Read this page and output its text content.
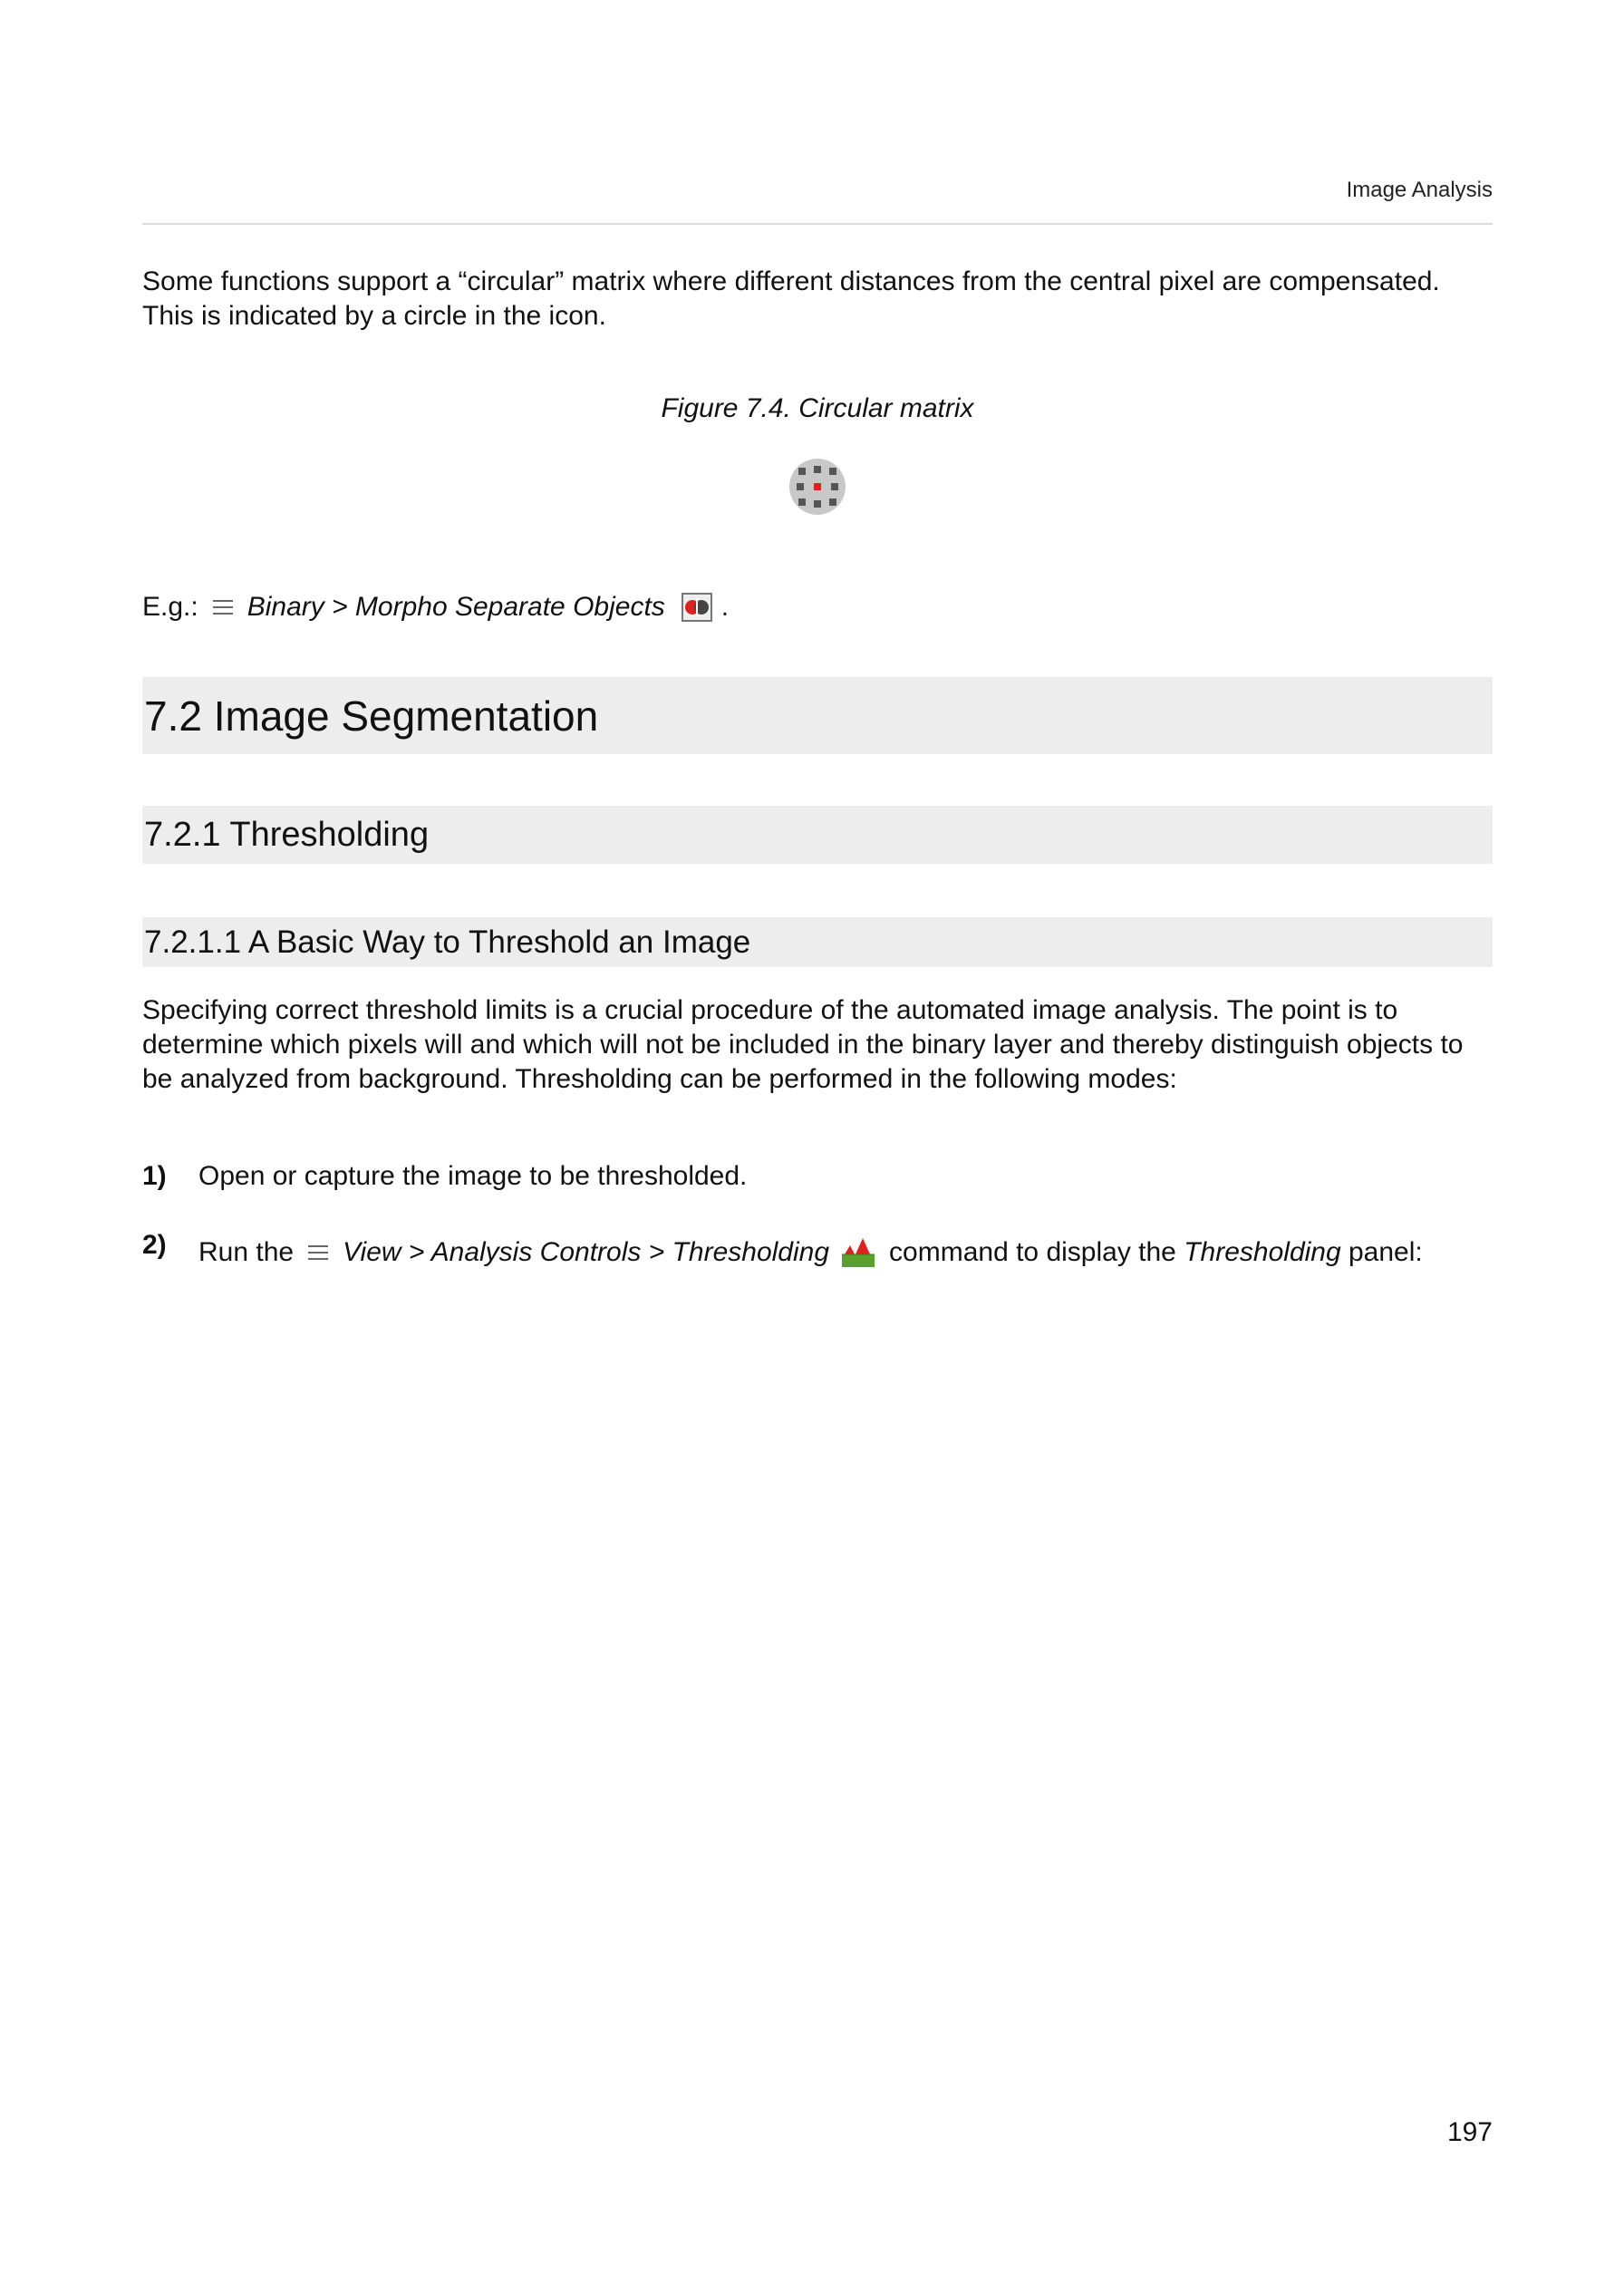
Image Analysis
Some functions support a “circular” matrix where different distances from the central pixel are compensated. This is indicated by a circle in the icon.
Figure 7.4. Circular matrix
E.g.: Binary > Morpho Separate Objects .
7.2 Image Segmentation
7.2.1 Thresholding
7.2.1.1 A Basic Way to Threshold an Image
Specifying correct threshold limits is a crucial procedure of the automated image analysis. The point is to determine which pixels will and which will not be included in the binary layer and thereby distinguish objects to be analyzed from background. Thresholding can be performed in the following modes:
1) Open or capture the image to be thresholded.
2) Run the View > Analysis Controls > Thresholding command to display the
Thresholding
panel:
197
